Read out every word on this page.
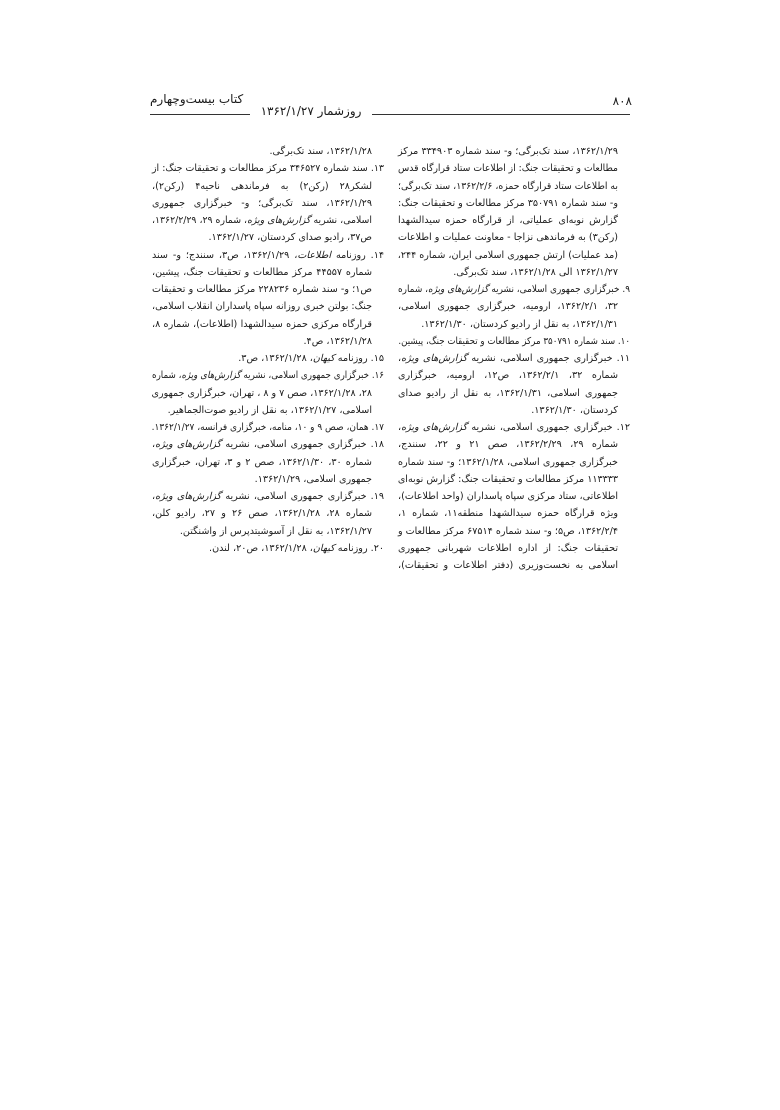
۸۰۸
کتاب بیست‌وچهارم
روزشمار ۱۳۶۲/۱/۲۷
۱۳۶۲/۱/۲۹، سند تک‌برگی؛ و- سند شماره ۳۳۴۹۰۳ مرکز
مطالعات و تحقیقات جنگ: از اطلاعات ستاد قرارگاه قدس
به اطلاعات ستاد قرارگاه حمزه، ۱۳۶۲/۲/۶، سند تک‌برگی؛
و- سند شماره ۳۵۰۷۹۱ مرکز مطالعات و تحقیقات جنگ:
گزارش نوبه‌ای عملیاتی، از قرارگاه حمزه سیدالشهدا
(رکن۳) به فرماندهی نزاجا - معاونت عملیات و اطلاعات
(مد عملیات) ارتش جمهوری اسلامی ایران، شماره ۲۴۴،
۱۳۶۲/۱/۲۷ الی ۱۳۶۲/۱/۲۸، سند تک‌برگی.
۹. خبرگزاری جمهوری اسلامی، نشریه گزارش‌های ویژه، شماره
۳۲، ۱۳۶۲/۲/۱، ارومیه، خبرگزاری جمهوری اسلامی،
۱۳۶۲/۱/۳۱، به نقل از رادیو کردستان، ۱۳۶۲/۱/۳۰.
۱۰. سند شماره ۳۵۰۷۹۱ مرکز مطالعات و تحقیقات جنگ، پیشین.
۱۱. خبرگزاری جمهوری اسلامی، نشریه گزارش‌های ویژه،
شماره ۳۲، ۱۳۶۲/۲/۱، ص۱۲، ارومیه، خبرگزاری
جمهوری اسلامی، ۱۳۶۲/۱/۳۱، به نقل از رادیو صدای
کردستان، ۱۳۶۲/۱/۳۰.
۱۲. خبرگزاری جمهوری اسلامی، نشریه گزارش‌های ویژه،
شماره ۲۹، ۱۳۶۲/۲/۲۹، صص ۲۱ و ۲۲، سنندج،
خبرگزاری جمهوری اسلامی، ۱۳۶۲/۱/۲۸؛ و- سند شماره
۱۱۳۳۳۳ مرکز مطالعات و تحقیقات جنگ: گزارش نوبه‌ای
اطلاعاتی، ستاد مرکزی سپاه پاسداران (واحد اطلاعات)،
ویژه قرارگاه حمزه سیدالشهدا منطقه۱۱، شماره ۱،
۱۳۶۲/۲/۴، ص۵؛ و- سند شماره ۶۷۵۱۴ مرکز مطالعات و
تحقیقات جنگ: از اداره اطلاعات شهربانی جمهوری
اسلامی به نخست‌وزیری (دفتر اطلاعات و تحقیقات)،
۱۳۶۲/۱/۲۸، سند تک‌برگی.
۱۳. سند شماره ۳۴۶۵۲۷ مرکز مطالعات و تحقیقات جنگ: از
لشکر۲۸ (رکن۲) به فرماندهی ناحیه۴ (رکن۲)،
۱۳۶۲/۱/۲۹، سند تک‌برگی؛ و- خبرگزاری جمهوری
اسلامی، نشریه گزارش‌های ویژه، شماره ۲۹، ۱۳۶۲/۲/۲۹،
ص۳۷، رادیو صدای کردستان، ۱۳۶۲/۱/۲۷.
۱۴. روزنامه اطلاعات، ۱۳۶۲/۱/۲۹، ص۳، سنندج؛ و- سند
شماره ۴۴۵۵۷ مرکز مطالعات و تحقیقات جنگ، پیشین،
ص۱؛ و- سند شماره ۲۲۸۲۳۶ مرکز مطالعات و تحقیقات
جنگ: بولتن خبری روزانه سپاه پاسداران انقلاب اسلامی،
قرارگاه مرکزی حمزه سیدالشهدا (اطلاعات)، شماره ۸،
۱۳۶۲/۱/۲۸، ص۴.
۱۵. روزنامه کیهان، ۱۳۶۲/۱/۲۸، ص۳.
۱۶. خبرگزاری جمهوری اسلامی، نشریه گزارش‌های ویژه، شماره
۲۸، ۱۳۶۲/۱/۲۸، صص ۷ و ۸ ، تهران، خبرگزاری جمهوری
اسلامی، ۱۳۶۲/۱/۲۷، به نقل از رادیو صوت‌الجماهیر.
۱۷. همان، صص ۹ و ۱۰، منامه، خبرگزاری فرانسه، ۱۳۶۲/۱/۲۷.
۱۸. خبرگزاری جمهوری اسلامی، نشریه گزارش‌های ویژه،
شماره ۳۰، ۱۳۶۲/۱/۳۰، صص ۲ و ۳، تهران، خبرگزاری
جمهوری اسلامی، ۱۳۶۲/۱/۲۹.
۱۹. خبرگزاری جمهوری اسلامی، نشریه گزارش‌های ویژه،
شماره ۲۸، ۱۳۶۲/۱/۲۸، صص ۲۶ و ۲۷، رادیو کلن،
۱۳۶۲/۱/۲۷، به نقل از آسوشیتدپرس از واشنگتن.
۲۰. روزنامه کیهان، ۱۳۶۲/۱/۲۸، ص۲۰، لندن.
